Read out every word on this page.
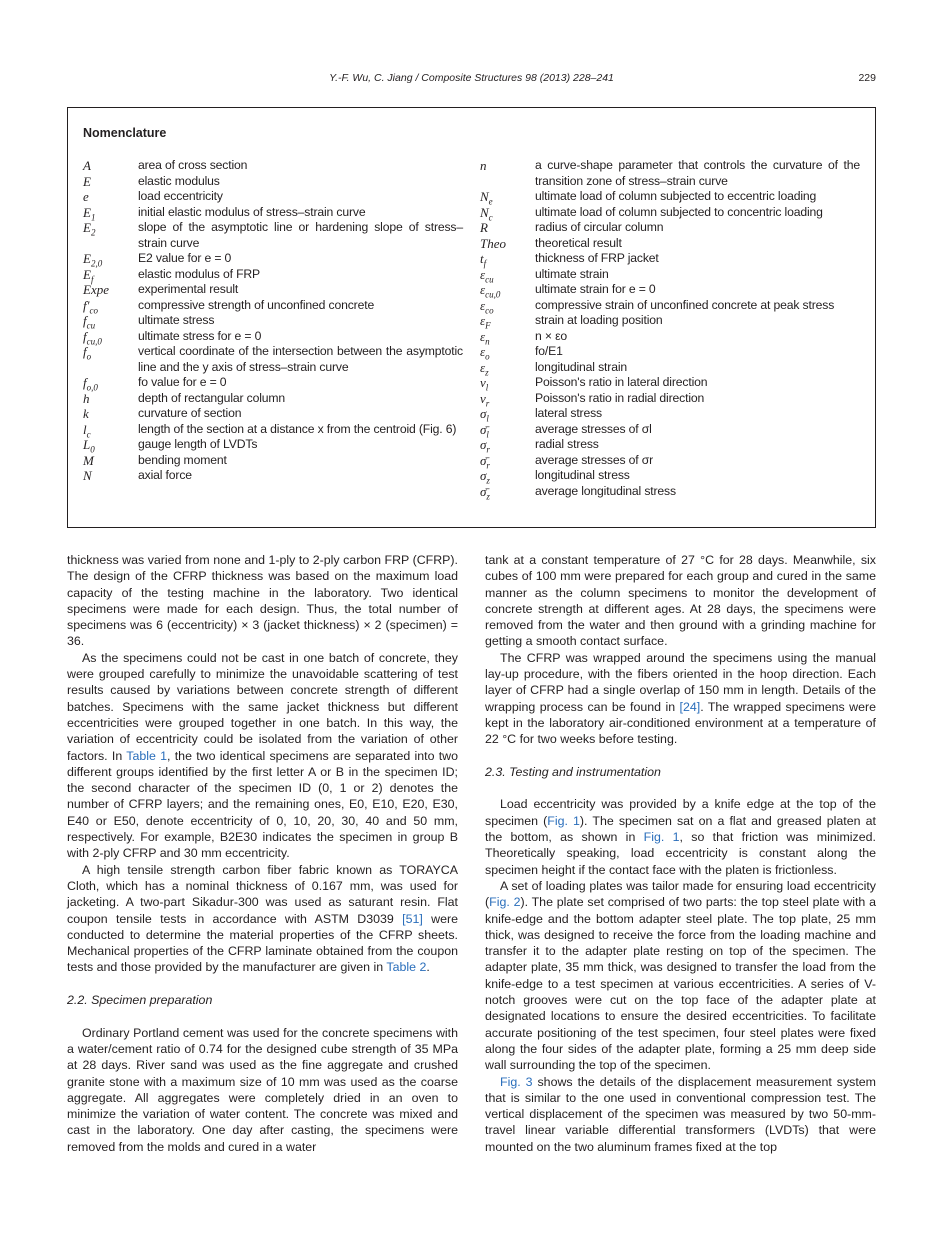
Y.-F. Wu, C. Jiang / Composite Structures 98 (2013) 228–241	229
Nomenclature
A	area of cross section
E	elastic modulus
e	load eccentricity
$E_1$	initial elastic modulus of stress–strain curve
$E_2$	slope of the asymptotic line or hardening slope of stress–strain curve
$E_{2,0}$	E2 value for e = 0
$E_f$	elastic modulus of FRP
Expe	experimental result
$f'_{co}$	compressive strength of unconfined concrete
$f_{cu}$	ultimate stress
$f_{cu,0}$	ultimate stress for e = 0
$f_o$	vertical coordinate of the intersection between the asymptotic line and the y axis of stress–strain curve
$f_{o,0}$	fo value for e = 0
h	depth of rectangular column
k	curvature of section
$l_c$	length of the section at a distance x from the centroid (Fig. 6)
$L_0$	gauge length of LVDTs
M	bending moment
N	axial force
n	a curve-shape parameter that controls the curvature of the transition zone of stress–strain curve
$N_e$	ultimate load of column subjected to eccentric loading
$N_c$	ultimate load of column subjected to concentric loading
R	radius of circular column
Theo	theoretical result
$t_f$	thickness of FRP jacket
$\varepsilon_{cu}$	ultimate strain
$\varepsilon_{cu,0}$	ultimate strain for e = 0
$\varepsilon_{co}$	compressive strain of unconfined concrete at peak stress
$\varepsilon_F$	strain at loading position
$\varepsilon_n$	n × εo
$\varepsilon_o$	fo/E1
$\varepsilon_z$	longitudinal strain
$\nu_l$	Poisson's ratio in lateral direction
$\nu_r$	Poisson's ratio in radial direction
$\sigma_l$	lateral stress
$\sigmā_l$	average stresses of σl
$\sigma_r$	radial stress
$\sigmā_r$	average stresses of σr
$\sigma_z$	longitudinal stress
$\sigmā_z$	average longitudinal stress

thickness was varied from none and 1-ply to 2-ply carbon FRP (CFRP). The design of the CFRP thickness was based on the maximum load capacity of the testing machine in the laboratory. Two identical specimens were made for each design. Thus, the total number of specimens was 6 (eccentricity) × 3 (jacket thickness) × 2 (specimen) = 36.

As the specimens could not be cast in one batch of concrete, they were grouped carefully to minimize the unavoidable scattering of test results caused by variations between concrete strength of different batches. Specimens with the same jacket thickness but different eccentricities were grouped together in one batch. In this way, the variation of eccentricity could be isolated from the variation of other factors. In Table 1, the two identical specimens are separated into two different groups identified by the first letter A or B in the specimen ID; the second character of the specimen ID (0, 1 or 2) denotes the number of CFRP layers; and the remaining ones, E0, E10, E20, E30, E40 or E50, denote eccentricity of 0, 10, 20, 30, 40 and 50 mm, respectively. For example, B2E30 indicates the specimen in group B with 2-ply CFRP and 30 mm eccentricity.

A high tensile strength carbon fiber fabric known as TORAYCA Cloth, which has a nominal thickness of 0.167 mm, was used for jacketing. A two-part Sikadur-300 was used as saturant resin. Flat coupon tensile tests in accordance with ASTM D3039 [51] were conducted to determine the material properties of the CFRP sheets. Mechanical properties of the CFRP laminate obtained from the coupon tests and those provided by the manufacturer are given in Table 2.

2.2. Specimen preparation

Ordinary Portland cement was used for the concrete specimens with a water/cement ratio of 0.74 for the designed cube strength of 35 MPa at 28 days. River sand was used as the fine aggregate and crushed granite stone with a maximum size of 10 mm was used as the coarse aggregate. All aggregates were completely dried in an oven to minimize the variation of water content. The concrete was mixed and cast in the laboratory. One day after casting, the specimens were removed from the molds and cured in a water

tank at a constant temperature of 27 °C for 28 days. Meanwhile, six cubes of 100 mm were prepared for each group and cured in the same manner as the column specimens to monitor the development of concrete strength at different ages. At 28 days, the specimens were removed from the water and then ground with a grinding machine for getting a smooth contact surface.

The CFRP was wrapped around the specimens using the manual lay-up procedure, with the fibers oriented in the hoop direction. Each layer of CFRP had a single overlap of 150 mm in length. Details of the wrapping process can be found in [24]. The wrapped specimens were kept in the laboratory air-conditioned environment at a temperature of 22 °C for two weeks before testing.

2.3. Testing and instrumentation

Load eccentricity was provided by a knife edge at the top of the specimen (Fig. 1). The specimen sat on a flat and greased platen at the bottom, as shown in Fig. 1, so that friction was minimized. Theoretically speaking, load eccentricity is constant along the specimen height if the contact face with the platen is frictionless.

A set of loading plates was tailor made for ensuring load eccentricity (Fig. 2). The plate set comprised of two parts: the top steel plate with a knife-edge and the bottom adapter steel plate. The top plate, 25 mm thick, was designed to receive the force from the loading machine and transfer it to the adapter plate resting on top of the specimen. The adapter plate, 35 mm thick, was designed to transfer the load from the knife-edge to a test specimen at various eccentricities. A series of V-notch grooves were cut on the top face of the adapter plate at designated locations to ensure the desired eccentricities. To facilitate accurate positioning of the test specimen, four steel plates were fixed along the four sides of the adapter plate, forming a 25 mm deep side wall surrounding the top of the specimen.

Fig. 3 shows the details of the displacement measurement system that is similar to the one used in conventional compression test. The vertical displacement of the specimen was measured by two 50-mm-travel linear variable differential transformers (LVDTs) that were mounted on the two aluminum frames fixed at the top
